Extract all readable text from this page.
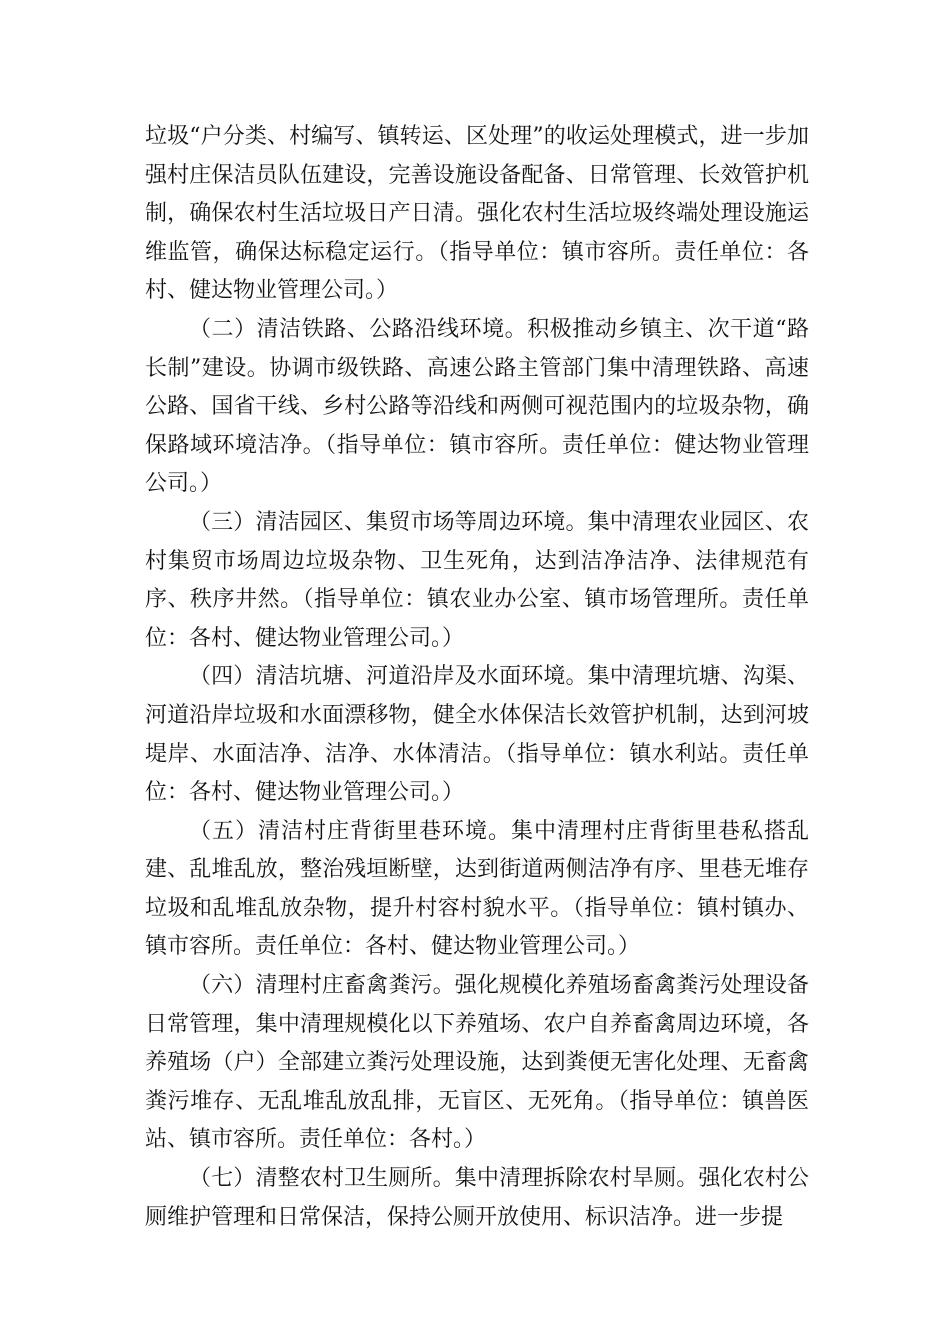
垃圾“户分类、村编写、镇转运、区处理”的收运处理模式，进一步加强村庄保洁员队伍建设，完善设施设备配备、日常管理、长效管护机制，确保农村生活垃圾日产日清。强化农村生活垃圾终端处理设施运维监管，确保达标稳定运行。（指导单位：镇市容所。责任单位：各村、健达物业管理公司。）

（二）清洁铁路、公路沿线环境。积极推动乡镇主、次干道“路长制”建设。协调市级铁路、高速公路主管部门集中清理铁路、高速公路、国省干线、乡村公路等沿线和两侧可视范围内的垃圾杂物，确保路域环境洁净。（指导单位：镇市容所。责任单位：健达物业管理公司。）

（三）清洁园区、集贸市场等周边环境。集中清理农业园区、农村集贸市场周边垃圾杂物、卫生死角，达到洁净洁净、法律规范有序、秩序井然。（指导单位：镇农业办公室、镇市场管理所。责任单位：各村、健达物业管理公司。）

（四）清洁坑塘、河道沿岸及水面环境。集中清理坑塘、沟渠、河道沿岸垃圾和水面漂移物，健全水体保洁长效管护机制，达到河坡堤岸、水面洁净、洁净、水体清洁。（指导单位：镇水利站。责任单位：各村、健达物业管理公司。）

（五）清洁村庄背街里巷环境。集中清理村庄背街里巷私搭乱建、乱堆乱放，整治残垣断壁，达到街道两侧洁净有序、里巷无堆存垃圾和乱堆乱放杂物，提升村容村貌水平。（指导单位：镇村镇办、镇市容所。责任单位：各村、健达物业管理公司。）

（六）清理村庄畜禽粪污。强化规模化养殖场畜禽粪污处理设备日常管理，集中清理规模化以下养殖场、农户自养畜禽周边环境，各养殖场（户）全部建立粪污处理设施，达到粪便无害化处理、无畜禽粪污堆存、无乱堆乱放乱排，无盲区、无死角。（指导单位：镇兽医站、镇市容所。责任单位：各村。）

（七）清整农村卫生厕所。集中清理拆除农村旱厕。强化农村公厕维护管理和日常保洁，保持公厕开放使用、标识洁净。进一步提
